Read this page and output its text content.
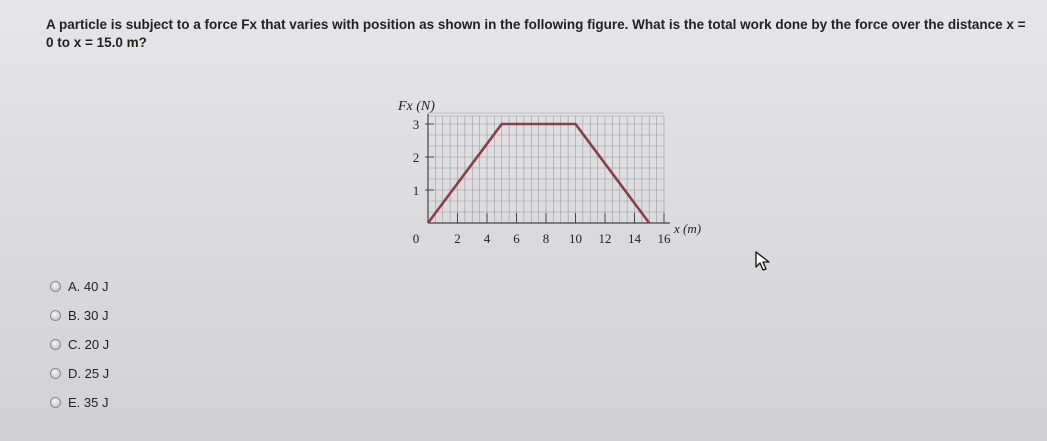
A particle is subject to a force Fx that varies with position as shown in the following figure. What is the total work done by the force over the distance x =
0 to x = 15.0 m?
1
2
3
0	2 4 6 8 10 12 14 16
Fx (N)
x (m)
A. 40 J
B. 30 J
C. 20 J
D. 25 J
E. 35 J
